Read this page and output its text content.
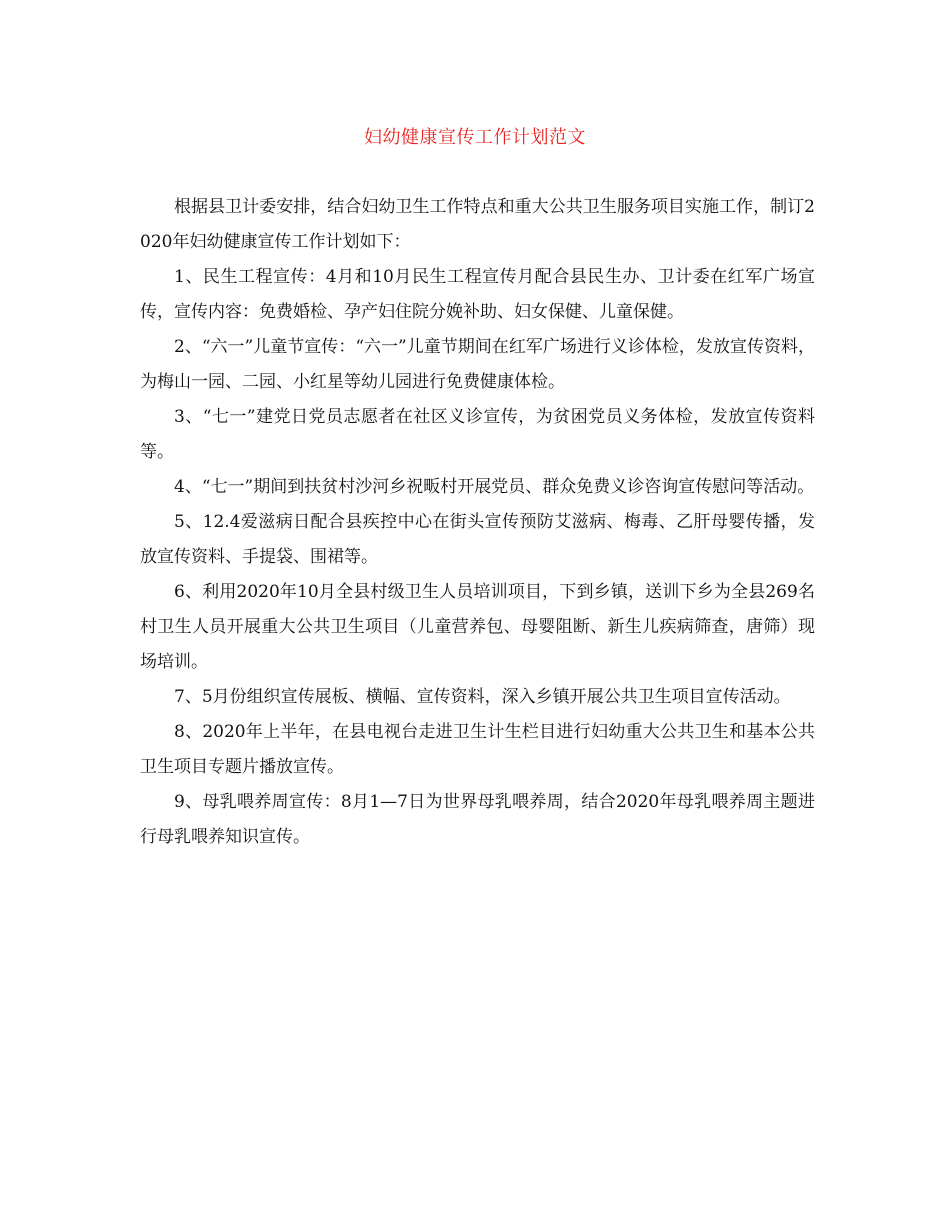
妇幼健康宣传工作计划范文

根据县卫计委安排，结合妇幼卫生工作特点和重大公共卫生服务项目实施工作，制订2020年妇幼健康宣传工作计划如下：

1、民生工程宣传：4月和10月民生工程宣传月配合县民生办、卫计委在红军广场宣传，宣传内容：免费婚检、孕产妇住院分娩补助、妇女保健、儿童保健。

2、“六一”儿童节宣传：“六一”儿童节期间在红军广场进行义诊体检，发放宣传资料，为梅山一园、二园、小红星等幼儿园进行免费健康体检。

3、“七一”建党日党员志愿者在社区义诊宣传，为贫困党员义务体检，发放宣传资料等。

4、“七一”期间到扶贫村沙河乡祝畈村开展党员、群众免费义诊咨询宣传慰问等活动。

5、12.4爱滋病日配合县疾控中心在街头宣传预防艾滋病、梅毒、乙肝母婴传播，发放宣传资料、手提袋、围裙等。

6、利用2020年10月全县村级卫生人员培训项目，下到乡镇，送训下乡为全县269名村卫生人员开展重大公共卫生项目（儿童营养包、母婴阻断、新生儿疾病筛查，唐筛）现场培训。

7、5月份组织宣传展板、横幅、宣传资料，深入乡镇开展公共卫生项目宣传活动。

8、2020年上半年，在县电视台走进卫生计生栏目进行妇幼重大公共卫生和基本公共卫生项目专题片播放宣传。

9、母乳喂养周宣传：8月1—7日为世界母乳喂养周，结合2020年母乳喂养周主题进行母乳喂养知识宣传。
